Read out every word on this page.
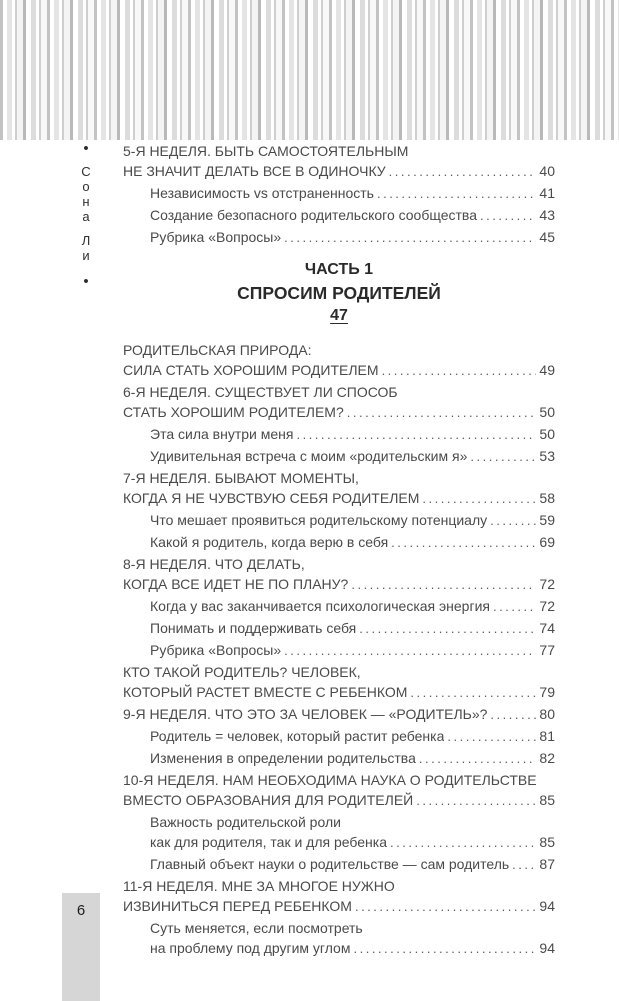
•
С
о
н
а
Л
и
•
5-Я НЕДЕЛЯ. БЫТЬ САМОСТОЯТЕЛЬНЫМ
НЕ ЗНАЧИТ ДЕЛАТЬ ВСЕ В ОДИНОЧКУ .....	40
Независимость vs отстраненность .....	41
Создание безопасного родительского сообщества .....	43
Рубрика «Вопросы» .....	45
ЧАСТЬ 1
СПРОСИМ РОДИТЕЛЕЙ
47
РОДИТЕЛЬСКАЯ ПРИРОДА:
СИЛА СТАТЬ ХОРОШИМ РОДИТЕЛЕМ .....	49
6-Я НЕДЕЛЯ. СУЩЕСТВУЕТ ЛИ СПОСОБ
СТАТЬ ХОРОШИМ РОДИТЕЛЕМ? .....	50
Эта сила внутри меня .....	50
Удивительная встреча с моим «родительским я» .....	53
7-Я НЕДЕЛЯ. БЫВАЮТ МОМЕНТЫ,
КОГДА Я НЕ ЧУВСТВУЮ СЕБЯ РОДИТЕЛЕМ .....	58
Что мешает проявиться родительскому потенциалу .....	59
Какой я родитель, когда верю в себя .....	69
8-Я НЕДЕЛЯ. ЧТО ДЕЛАТЬ,
КОГДА ВСЕ ИДЕТ НЕ ПО ПЛАНУ? .....	72
Когда у вас заканчивается психологическая энергия .....	72
Понимать и поддерживать себя .....	74
Рубрика «Вопросы» .....	77
КТО ТАКОЙ РОДИТЕЛЬ? ЧЕЛОВЕК,
КОТОРЫЙ РАСТЕТ ВМЕСТЕ С РЕБЕНКОМ .....	79
9-Я НЕДЕЛЯ. ЧТО ЭТО ЗА ЧЕЛОВЕК — «РОДИТЕЛЬ»? .....	80
Родитель = человек, который растит ребенка .....	81
Изменения в определении родительства .....	82
10-Я НЕДЕЛЯ. НАМ НЕОБХОДИМА НАУКА О РОДИТЕЛЬСТВЕ
ВМЕСТО ОБРАЗОВАНИЯ ДЛЯ РОДИТЕЛЕЙ .....	85
Важность родительской роли
как для родителя, так и для ребенка .....	85
Главный объект науки о родительстве — сам родитель ..... 87
11-Я НЕДЕЛЯ. МНЕ ЗА МНОГОЕ НУЖНО
ИЗВИНИТЬСЯ ПЕРЕД РЕБЕНКОМ .....	94
Суть меняется, если посмотреть
на проблему под другим углом .....	94
6
